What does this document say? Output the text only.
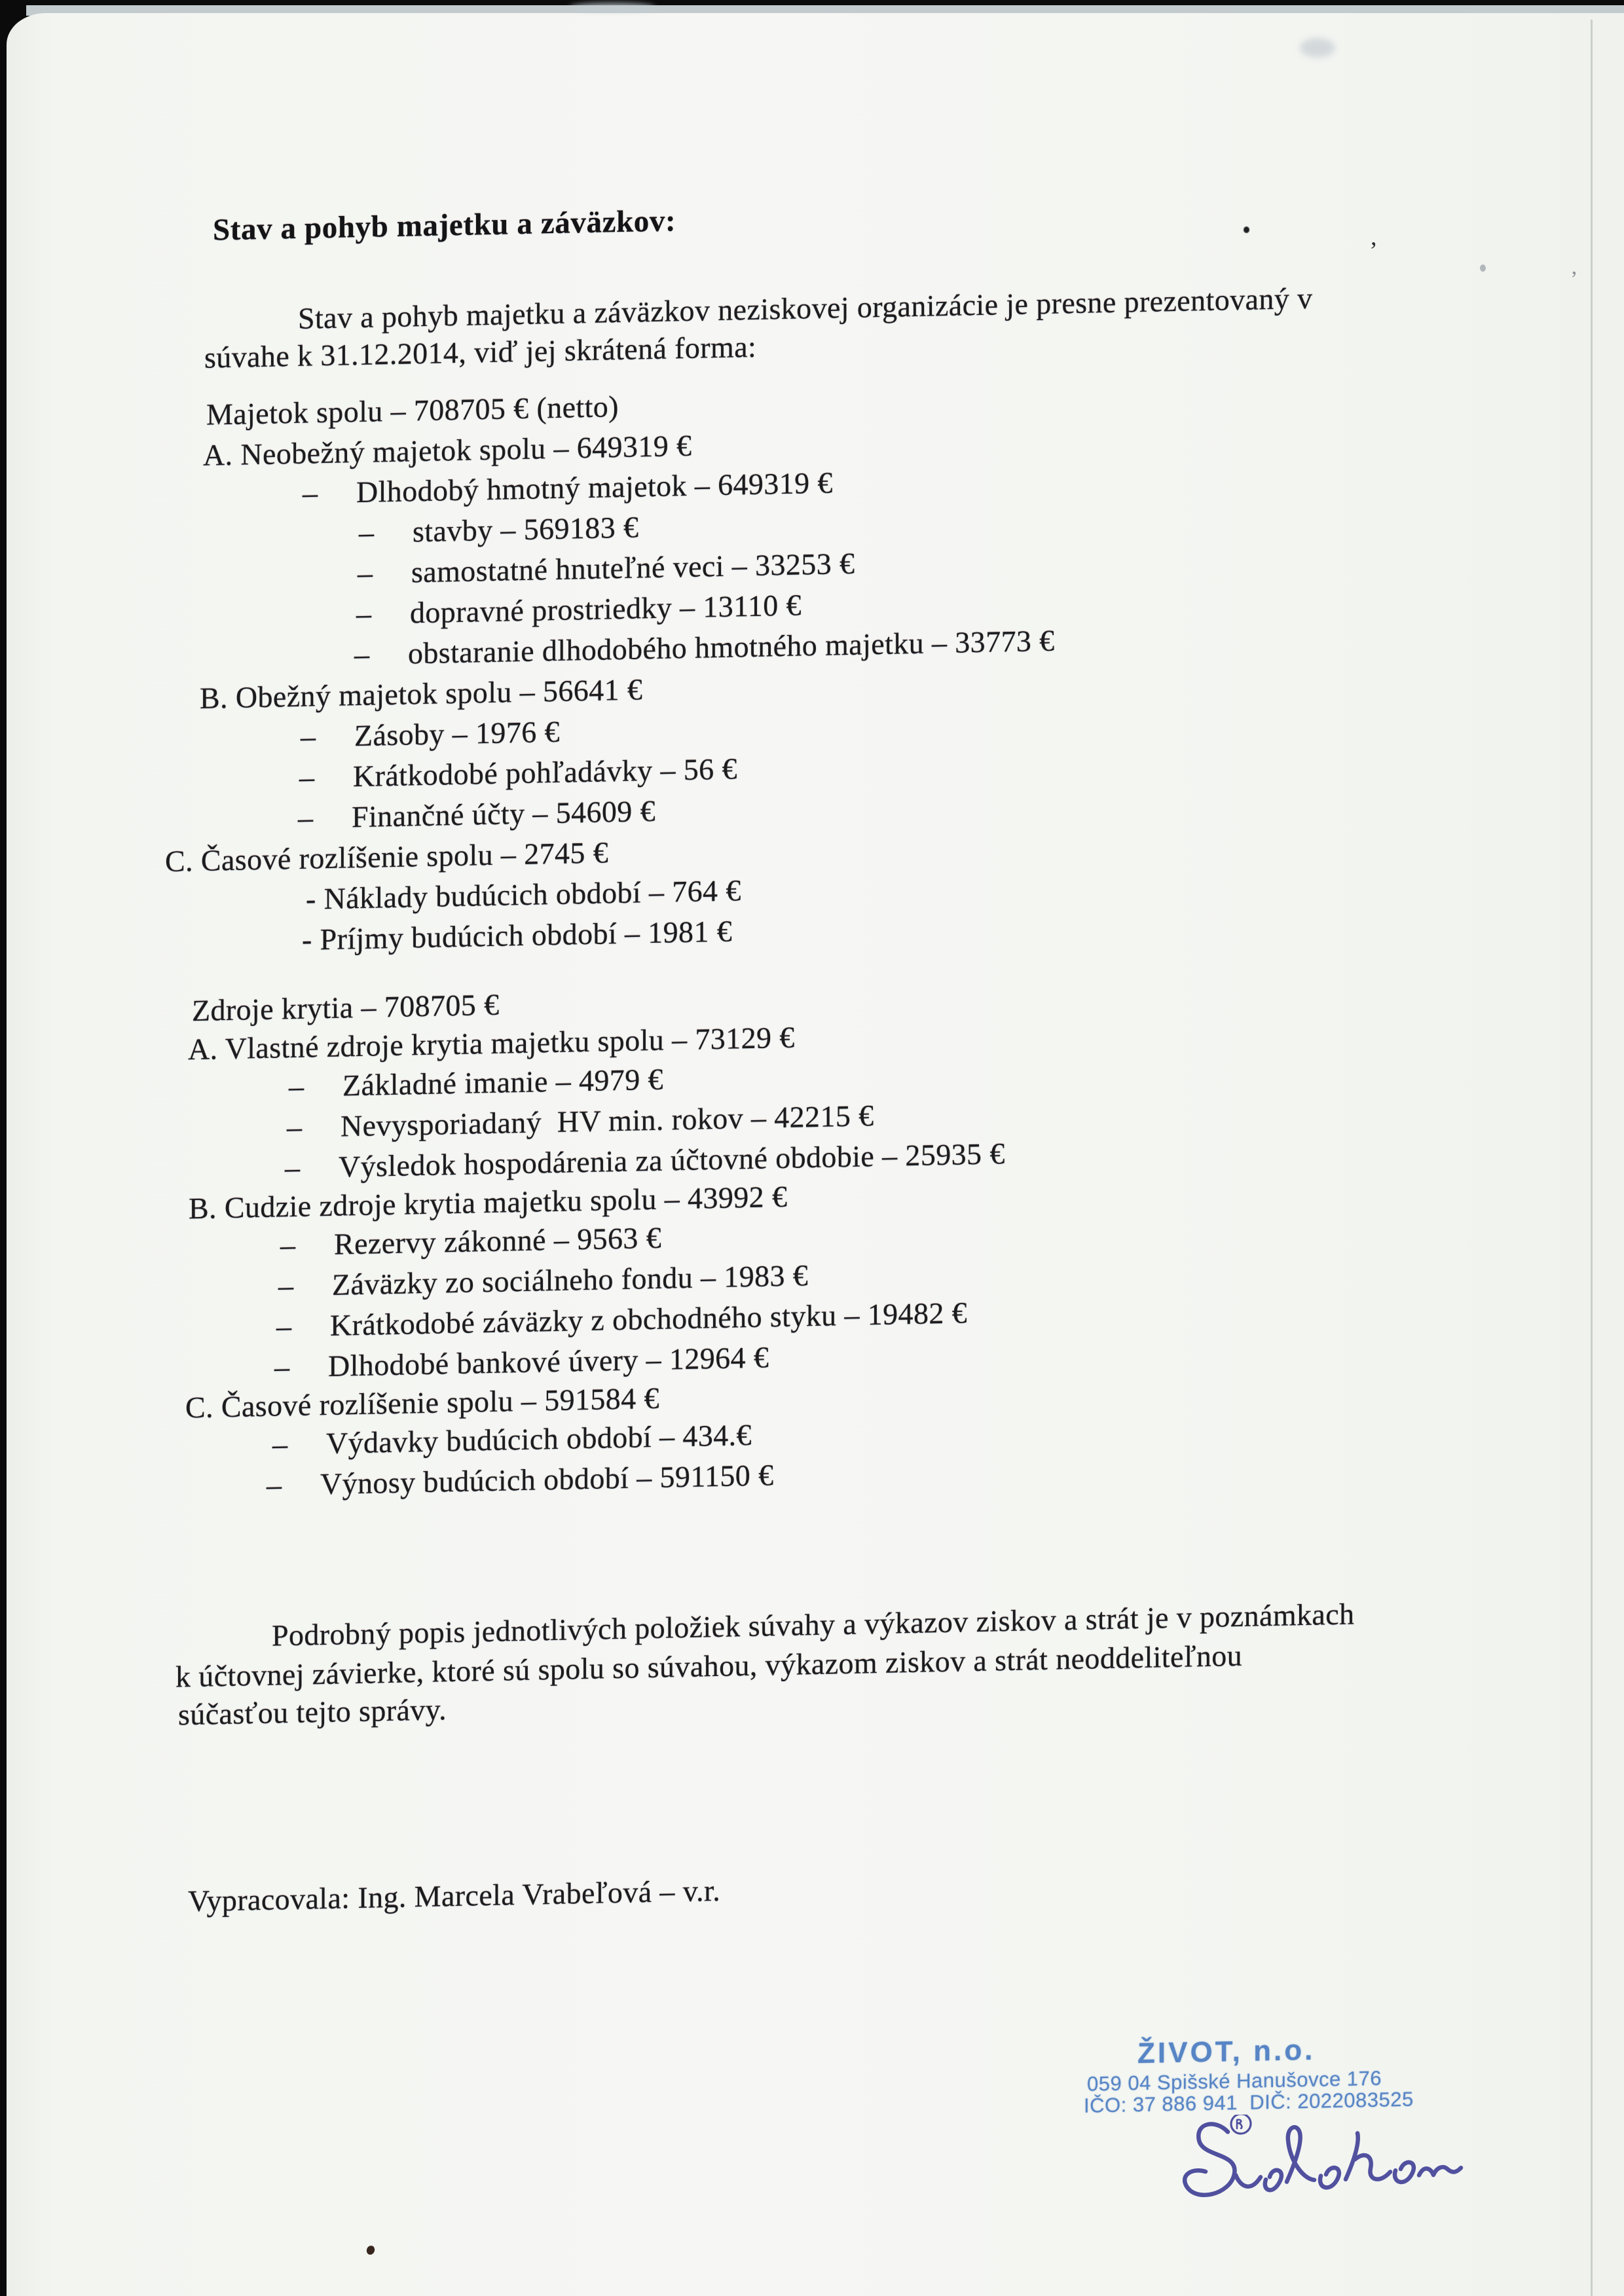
Stav a pohyb majetku a záväzkov:
Stav a pohyb majetku a záväzkov neziskovej organizácie je presne prezentovaný v
súvahe k 31.12.2014, viď jej skrátená forma:
Majetok spolu – 708705 € (netto)
A. Neobežný majetok spolu – 649319 €
– Dlhodobý hmotný majetok – 649319 €
– stavby – 569183 €
– samostatné hnuteľné veci – 33253 €
– dopravné prostriedky – 13110 €
– obstaranie dlhodobého hmotného majetku – 33773 €
B. Obežný majetok spolu – 56641 €
– Zásoby – 1976 €
– Krátkodobé pohľadávky – 56 €
– Finančné účty – 54609 €
C. Časové rozlíšenie spolu – 2745 €
- Náklady budúcich období – 764 €
- Príjmy budúcich období – 1981 €
Zdroje krytia – 708705 €
A. Vlastné zdroje krytia majetku spolu – 73129 €
– Základné imanie – 4979 €
– Nevysporiadaný  HV min. rokov – 42215 €
– Výsledok hospodárenia za účtovné obdobie – 25935 €
B. Cudzie zdroje krytia majetku spolu – 43992 €
– Rezervy zákonné – 9563 €
– Záväzky zo sociálneho fondu – 1983 €
– Krátkodobé záväzky z obchodného styku – 19482 €
– Dlhodobé bankové úvery – 12964 €
C. Časové rozlíšenie spolu – 591584 €
– Výdavky budúcich období – 434.€
– Výnosy budúcich období – 591150 €
Podrobný popis jednotlivých položiek súvahy a výkazov ziskov a strát je v poznámkach
k účtovnej závierke, ktoré sú spolu so súvahou, výkazom ziskov a strát neoddeliteľnou
súčasťou tejto správy.
Vypracovala: Ing. Marcela Vrabeľová – v.r.
ŽIVOT, n.o.
059 04 Spišské Hanušovce 176
IČO: 37 886 941  DIČ: 2022083525
,
’
